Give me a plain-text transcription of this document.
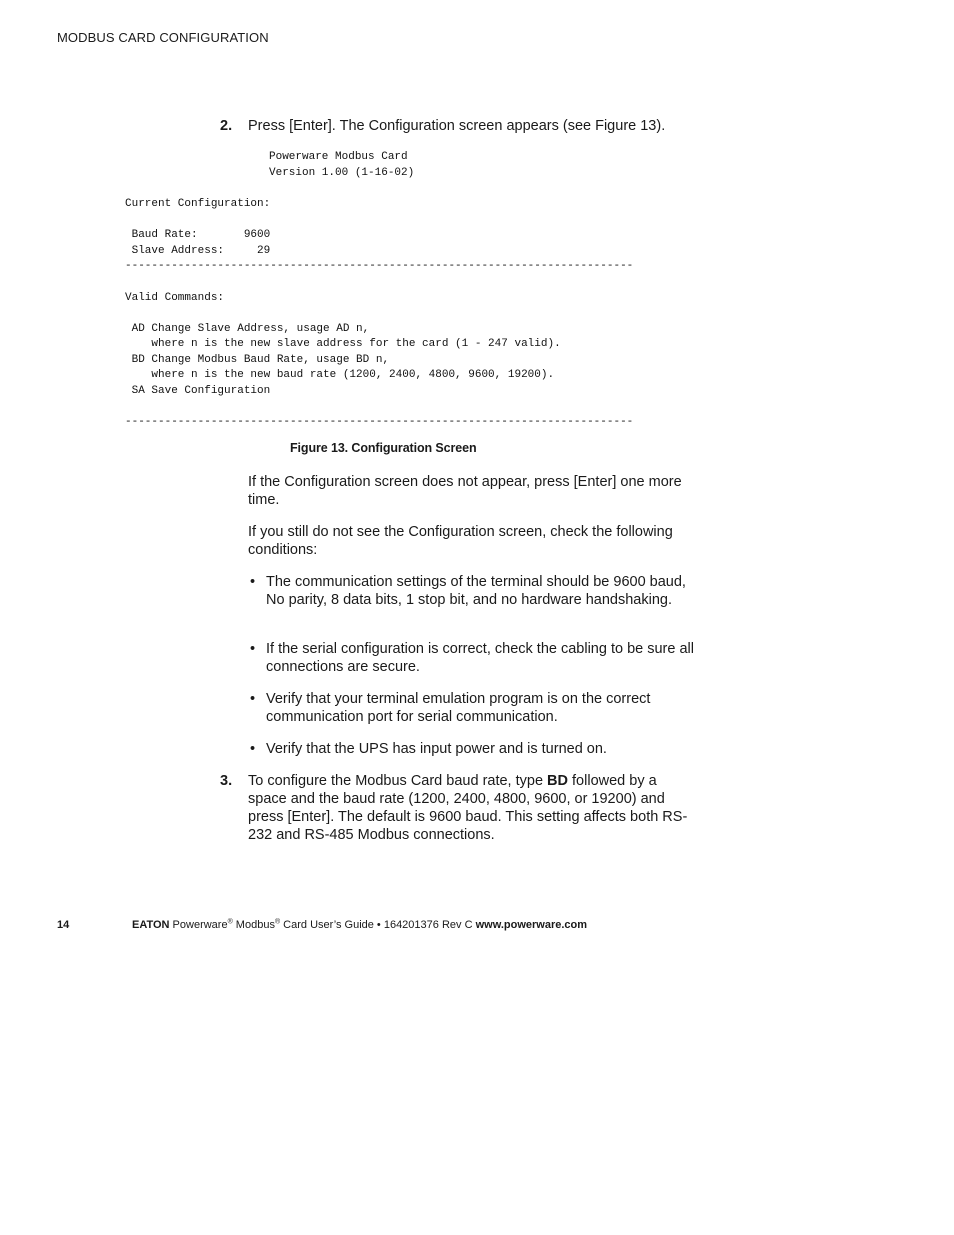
MODBUS CARD CONFIGURATION
2. Press [Enter]. The Configuration screen appears (see Figure 13).
Powerware Modbus Card
Version 1.00 (1-16-02)
Current Configuration:
Baud Rate:       9600
Slave Address:     29
-----------------------------------------------------------------------------
Valid Commands:
AD Change Slave Address, usage AD n,
where n is the new slave address for the card (1 - 247 valid).
BD Change Modbus Baud Rate, usage BD n,
where n is the new baud rate (1200, 2400, 4800, 9600, 19200).
SA Save Configuration
-----------------------------------------------------------------------------
Figure 13. Configuration Screen
If the Configuration screen does not appear, press [Enter] one more time.
If you still do not see the Configuration screen, check the following conditions:
• The communication settings of the terminal should be 9600 baud, No parity, 8 data bits, 1 stop bit, and no hardware handshaking.
• If the serial configuration is correct, check the cabling to be sure all connections are secure.
• Verify that your terminal emulation program is on the correct communication port for serial communication.
• Verify that the UPS has input power and is turned on.
3. To configure the Modbus Card baud rate, type BD followed by a space and the baud rate (1200, 2400, 4800, 9600, or 19200) and press [Enter]. The default is 9600 baud. This setting affects both RS-232 and RS-485 Modbus connections.
14	EATON Powerware® Modbus® Card User’s Guide • 164201376 Rev C www.powerware.com
